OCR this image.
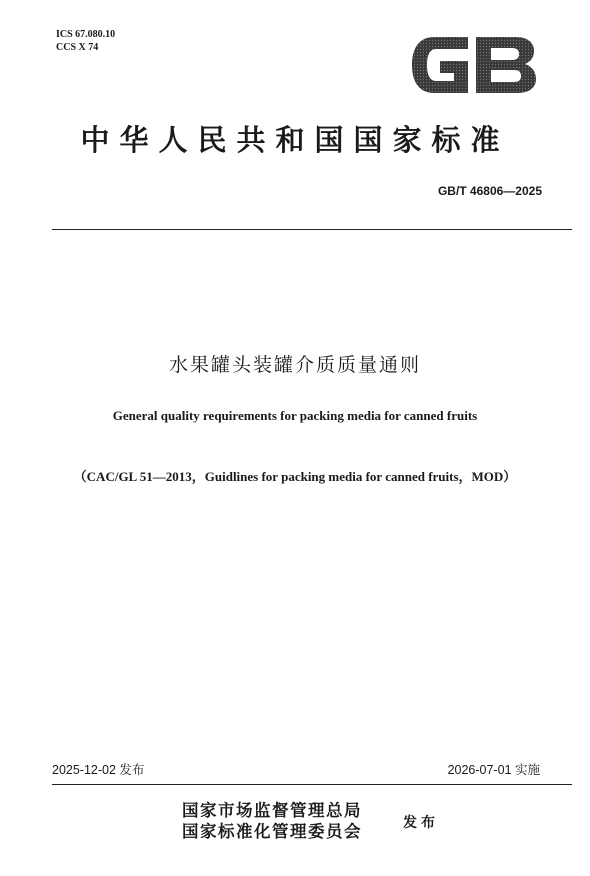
ICS 67.080.10
CCS X 74
中华人民共和国国家标准
GB/T 46806—2025
水果罐头装罐介质质量通则
General quality requirements for packing media for canned fruits
（CAC/GL 51—2013，Guidlines for packing media for canned fruits，MOD）
2025-12-02 发布	2026-07-01 实施
国家市场监督管理总局
国家标准化管理委员会	发布
